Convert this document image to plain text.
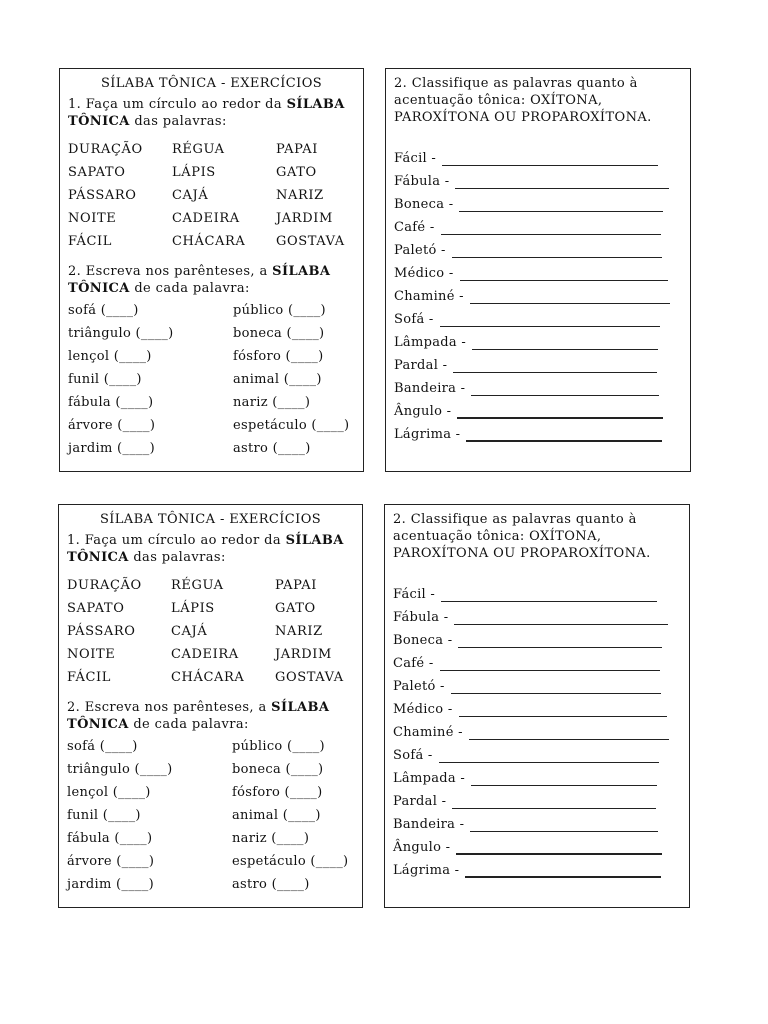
SÍLABA TÔNICA - EXERCÍCIOS
1. Faça um círculo ao redor da SÍLABA TÔNICA das palavras:
DURAÇÃO	RÉGUA	PAPAI
SAPATO	LÁPIS	GATO
PÁSSARO	CAJÁ	NARIZ
NOITE	CADEIRA	JARDIM
FÁCIL	CHÁCARA	GOSTAVA
2. Escreva nos parênteses, a SÍLABA TÔNICA de cada palavra:
sofá (____)	público (____)
triângulo (____)	boneca (____)
lençol (____)	fósforo (____)
funil (____)	animal (____)
fábula (____)	nariz (____)
árvore (____)	espetáculo (____)
jardim (____)	astro (____)
2. Classifique as palavras quanto à acentuação tônica: OXÍTONA, PAROXÍTONA OU PROPAROXÍTONA.
Fácil -
Fábula -
Boneca -
Café -
Paletó -
Médico -
Chaminé -
Sofá -
Lâmpada -
Pardal -
Bandeira -
Ângulo -
Lágrima -
SÍLABA TÔNICA - EXERCÍCIOS
1. Faça um círculo ao redor da SÍLABA TÔNICA das palavras:
DURAÇÃO	RÉGUA	PAPAI
SAPATO	LÁPIS	GATO
PÁSSARO	CAJÁ	NARIZ
NOITE	CADEIRA	JARDIM
FÁCIL	CHÁCARA	GOSTAVA
2. Escreva nos parênteses, a SÍLABA TÔNICA de cada palavra:
sofá (____)	público (____)
triângulo (____)	boneca (____)
lençol (____)	fósforo (____)
funil (____)	animal (____)
fábula (____)	nariz (____)
árvore (____)	espetáculo (____)
jardim (____)	astro (____)
2. Classifique as palavras quanto à acentuação tônica: OXÍTONA, PAROXÍTONA OU PROPAROXÍTONA.
Fácil -
Fábula -
Boneca -
Café -
Paletó -
Médico -
Chaminé -
Sofá -
Lâmpada -
Pardal -
Bandeira -
Ângulo -
Lágrima -
